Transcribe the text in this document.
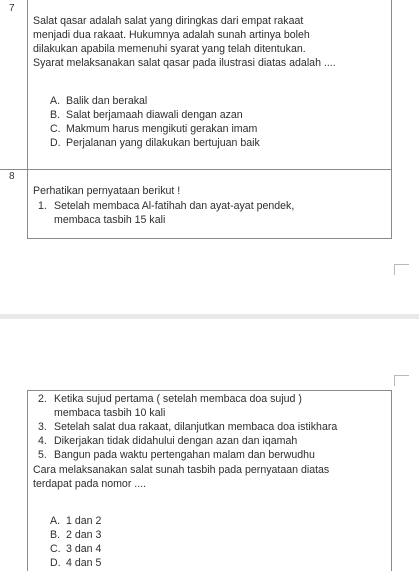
7
Salat qasar adalah salat yang diringkas dari empat rakaat
menjadi dua rakaat. Hukumnya adalah sunah artinya boleh
dilakukan apabila memenuhi syarat yang telah ditentukan.
Syarat melaksanakan salat qasar pada ilustrasi diatas adalah ....
A. Balik dan berakal
B. Salat berjamaah diawali dengan azan
C. Makmum harus mengikuti gerakan imam
D. Perjalanan yang dilakukan bertujuan baik
8
Perhatikan pernyataan berikut !
1. Setelah membaca Al-fatihah dan ayat-ayat pendek,
membaca tasbih 15 kali
2. Ketika sujud pertama ( setelah membaca doa sujud )
membaca tasbih 10 kali
3. Setelah salat dua rakaat, dilanjutkan membaca doa istikhara
4. Dikerjakan tidak didahului dengan azan dan iqamah
5. Bangun pada waktu pertengahan malam dan berwudhu
Cara melaksanakan salat sunah tasbih pada pernyataan diatas
terdapat pada nomor ....
A. 1 dan 2
B. 2 dan 3
C. 3 dan 4
D. 4 dan 5
